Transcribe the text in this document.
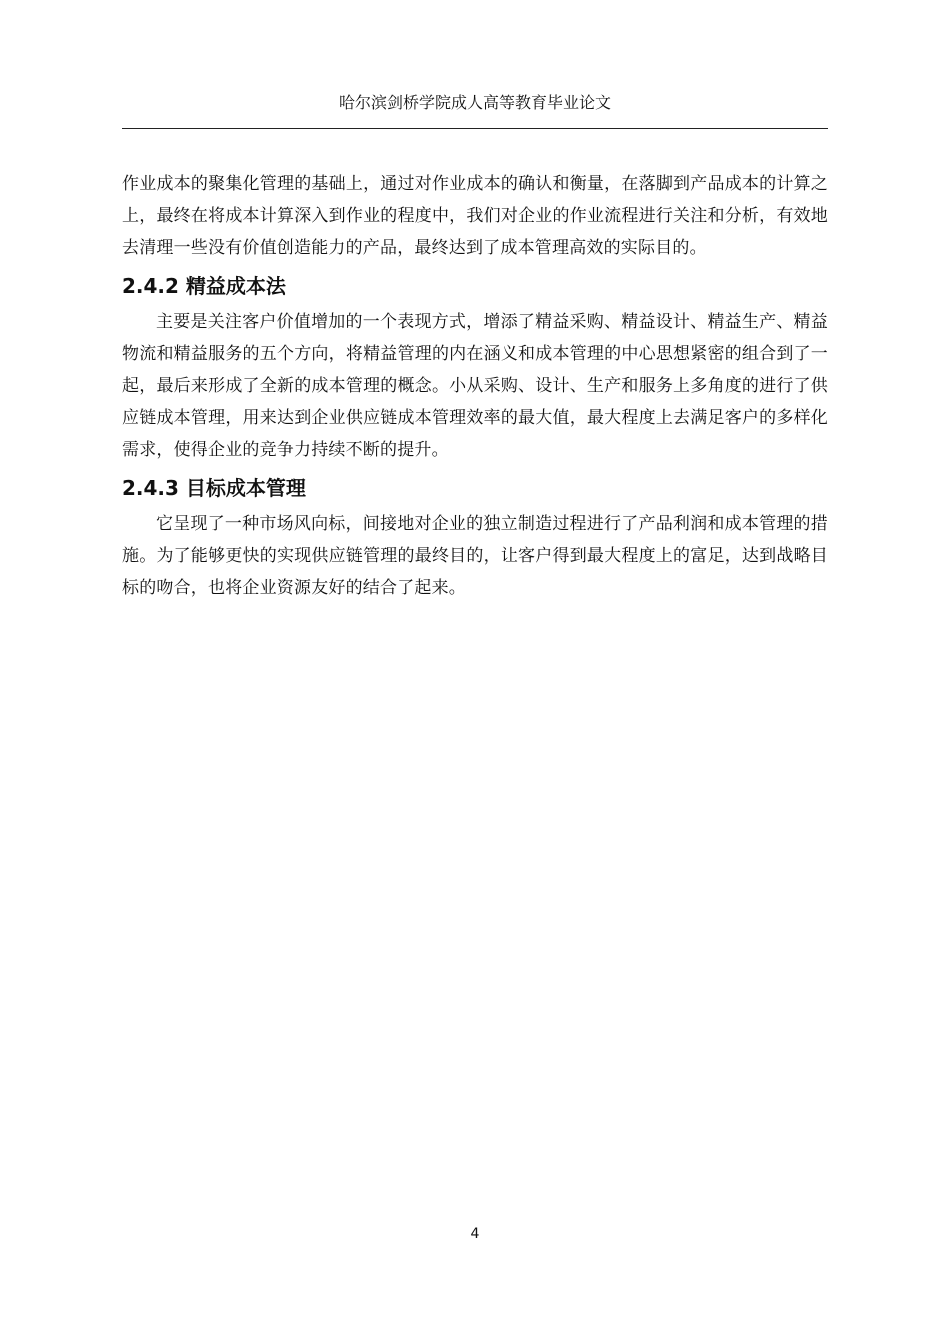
哈尔滨剑桥学院成人高等教育毕业论文

作业成本的聚集化管理的基础上，通过对作业成本的确认和衡量，在落脚到产品成本的计算之上，最终在将成本计算深入到作业的程度中，我们对企业的作业流程进行关注和分析，有效地去清理一些没有价值创造能力的产品，最终达到了成本管理高效的实际目的。

2.4.2 精益成本法

主要是关注客户价值增加的一个表现方式，增添了精益采购、精益设计、精益生产、精益物流和精益服务的五个方向，将精益管理的内在涵义和成本管理的中心思想紧密的组合到了一起，最后来形成了全新的成本管理的概念。小从采购、设计、生产和服务上多角度的进行了供应链成本管理，用来达到企业供应链成本管理效率的最大值，最大程度上去满足客户的多样化需求，使得企业的竞争力持续不断的提升。

2.4.3 目标成本管理

它呈现了一种市场风向标，间接地对企业的独立制造过程进行了产品利润和成本管理的措施。为了能够更快的实现供应链管理的最终目的，让客户得到最大程度上的富足，达到战略目标的吻合，也将企业资源友好的结合了起来。

4
